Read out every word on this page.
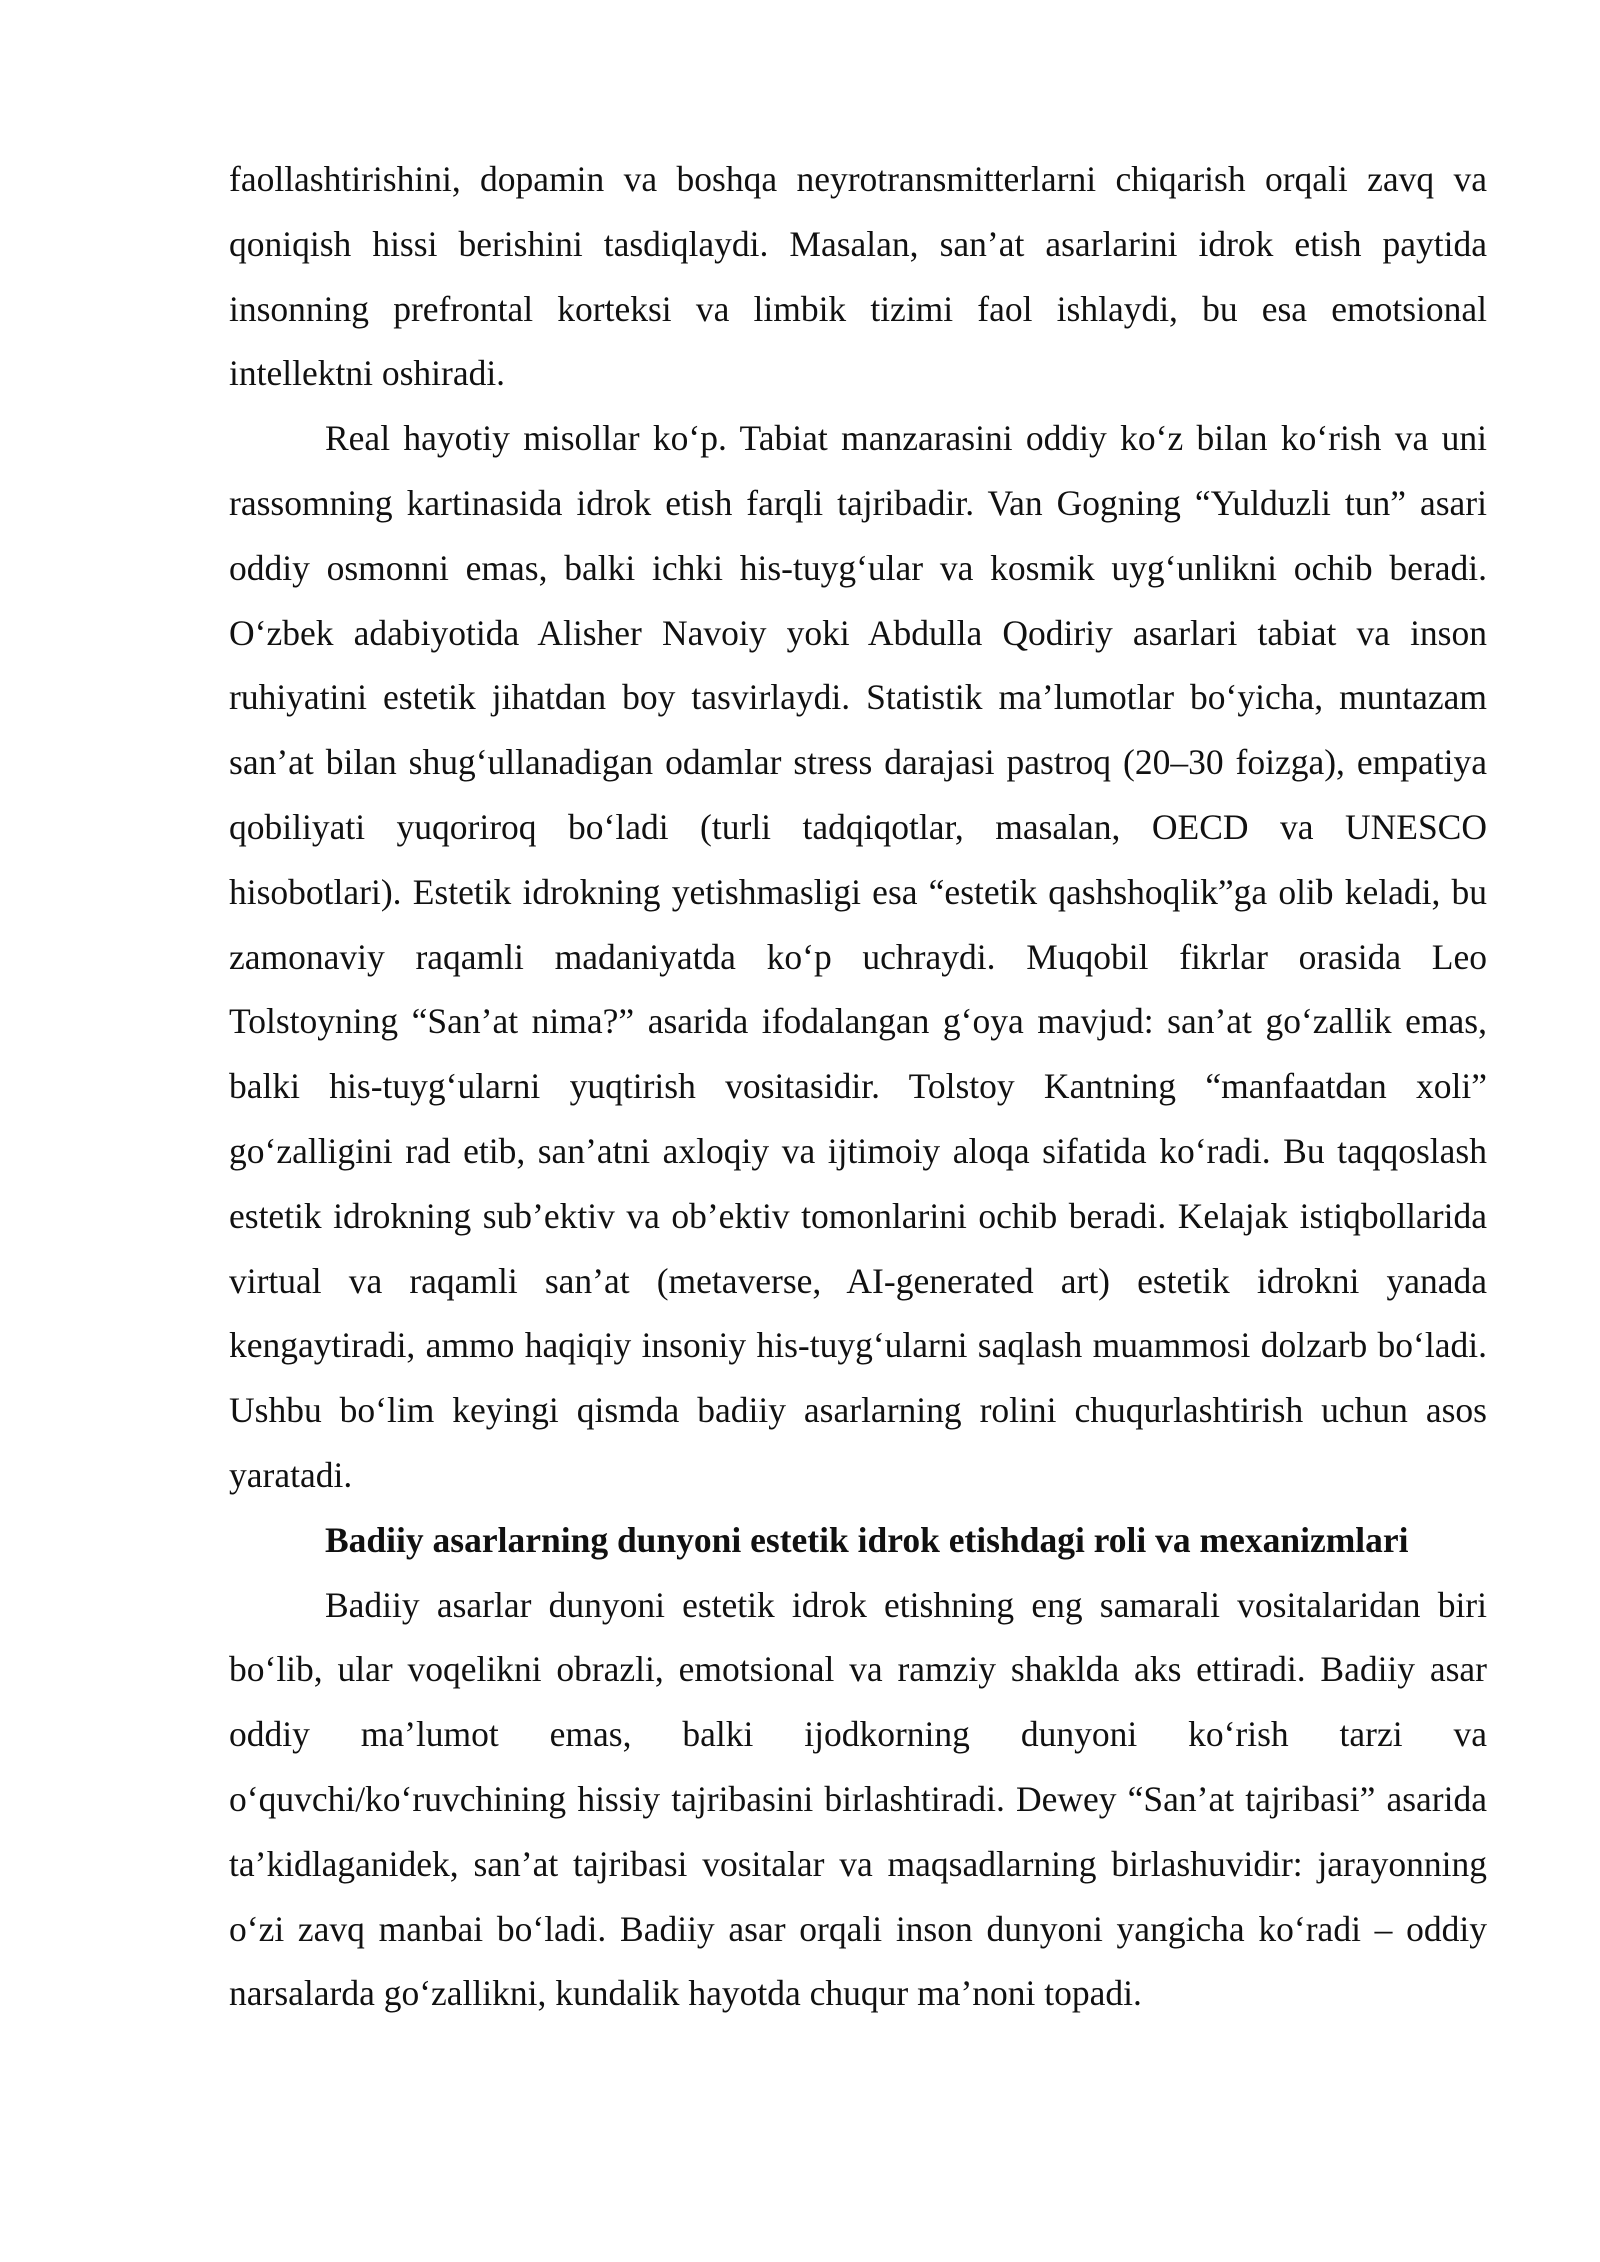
faollashtirishini, dopamin va boshqa neyrotransmitterlarni chiqarish orqali zavq va qoniqish hissi berishini tasdiqlaydi. Masalan, san’at asarlarini idrok etish paytida insonning prefrontal korteksi va limbik tizimi faol ishlaydi, bu esa emotsional intellektni oshiradi.

Real hayotiy misollar ko‘p. Tabiat manzarasini oddiy ko‘z bilan ko‘rish va uni rassomning kartinasida idrok etish farqli tajribadir. Van Gogning “Yulduzli tun” asari oddiy osmonni emas, balki ichki his-tuyg‘ular va kosmik uyg‘unlikni ochib beradi. O‘zbek adabiyotida Alisher Navoiy yoki Abdulla Qodiriy asarlari tabiat va inson ruhiyatini estetik jihatdan boy tasvirlaydi. Statistik ma’lumotlar bo‘yicha, muntazam san’at bilan shug‘ullanadigan odamlar stress darajasi pastroq (20–30 foizga), empatiya qobiliyati yuqoriroq bo‘ladi (turli tadqiqotlar, masalan, OECD va UNESCO hisobotlari). Estetik idrokning yetishmasligi esa “estetik qashshoqlik”ga olib keladi, bu zamonaviy raqamli madaniyatda ko‘p uchraydi. Muqobil fikrlar orasida Leo Tolstoyning “San’at nima?” asarida ifodalangan g‘oya mavjud: san’at go‘zallik emas, balki his-tuyg‘ularni yuqtirish vositasidir. Tolstoy Kantning “manfaatdan xoli” go‘zalligini rad etib, san’atni axloqiy va ijtimoiy aloqa sifatida ko‘radi. Bu taqqoslash estetik idrokning sub’ektiv va ob’ektiv tomonlarini ochib beradi. Kelajak istiqbollarida virtual va raqamli san’at (metaverse, AI-generated art) estetik idrokni yanada kengaytiradi, ammo haqiqiy insoniy his-tuyg‘ularni saqlash muammosi dolzarb bo‘ladi. Ushbu bo‘lim keyingi qismda badiiy asarlarning rolini chuqurlashtirish uchun asos yaratadi.

Badiiy asarlarning dunyoni estetik idrok etishdagi roli va mexanizmlari

Badiiy asarlar dunyoni estetik idrok etishning eng samarali vositalaridan biri bo‘lib, ular voqelikni obrazli, emotsional va ramziy shaklda aks ettiradi. Badiiy asar oddiy ma’lumot emas, balki ijodkorning dunyoni ko‘rish tarzi va o‘quvchi/ko‘ruvchining hissiy tajribasini birlashtiradi. Dewey “San’at tajribasi” asarida ta’kidlaganidek, san’at tajribasi vositalar va maqsadlarning birlashuvidir: jarayonning o‘zi zavq manbai bo‘ladi. Badiiy asar orqali inson dunyoni yangicha ko‘radi – oddiy narsalarda go‘zallikni, kundalik hayotda chuqur ma’noni topadi.
